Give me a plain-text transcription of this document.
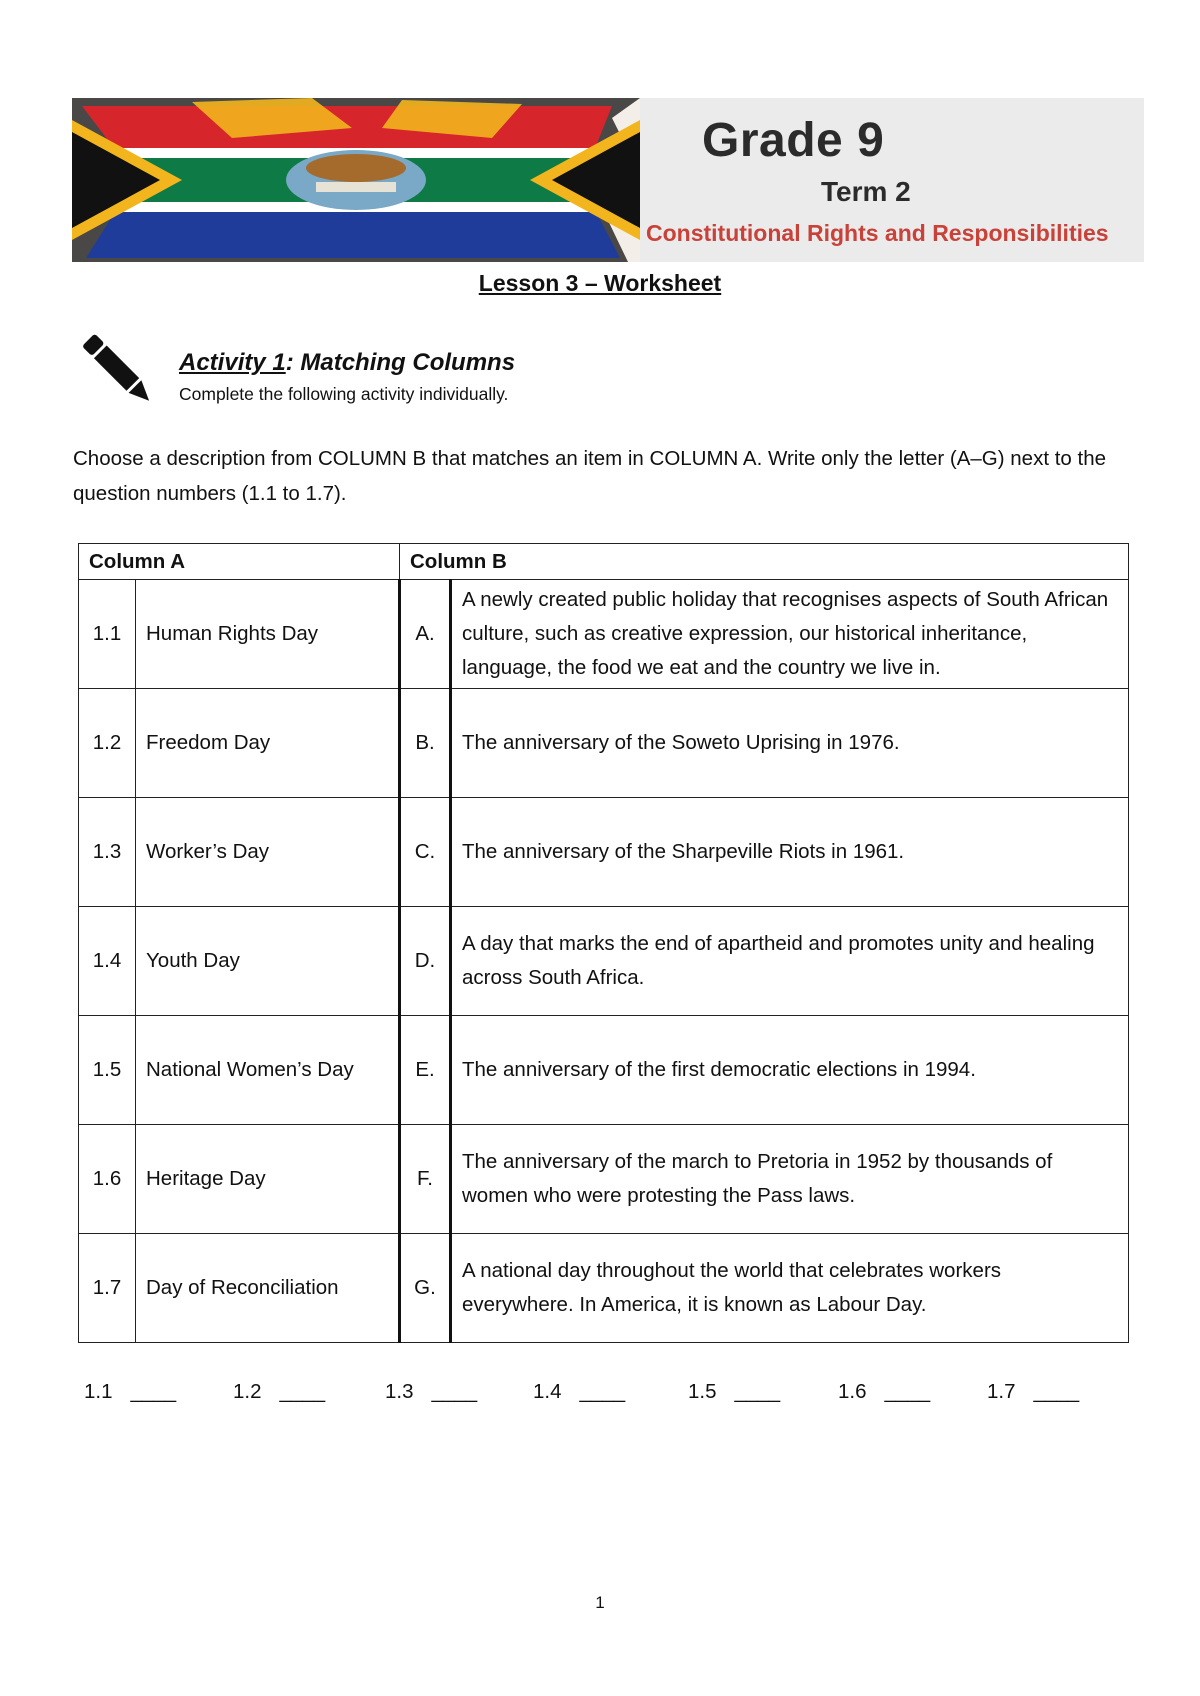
Grade 9
Term 2
Constitutional Rights and Responsibilities
Lesson 3 – Worksheet
Activity 1: Matching Columns
Complete the following activity individually.
Choose a description from COLUMN B that matches an item in COLUMN A. Write only the letter (A–G) next to the question numbers (1.1 to 1.7).
Column A		Column B	
1.1	Human Rights Day	A.	A newly created public holiday that recognises aspects of South African culture, such as creative expression, our historical inheritance, language, the food we eat and the country we live in.
1.2	Freedom Day	B.	The anniversary of the Soweto Uprising in 1976.
1.3	Worker’s Day	C.	The anniversary of the Sharpeville Riots in 1961.
1.4	Youth Day	D.	A day that marks the end of apartheid and promotes unity and healing across South Africa.
1.5	National Women’s Day	E.	The anniversary of the first democratic elections in 1994.
1.6	Heritage Day	F.	The anniversary of the march to Pretoria in 1952 by thousands of women who were protesting the Pass laws.
1.7	Day of Reconciliation	G.	A national day throughout the world that celebrates workers everywhere. In America, it is known as Labour Day.
1.1 ____	1.2 ____	1.3 ____	1.4 ____	1.5 ____	1.6 ____	1.7 ____
1
